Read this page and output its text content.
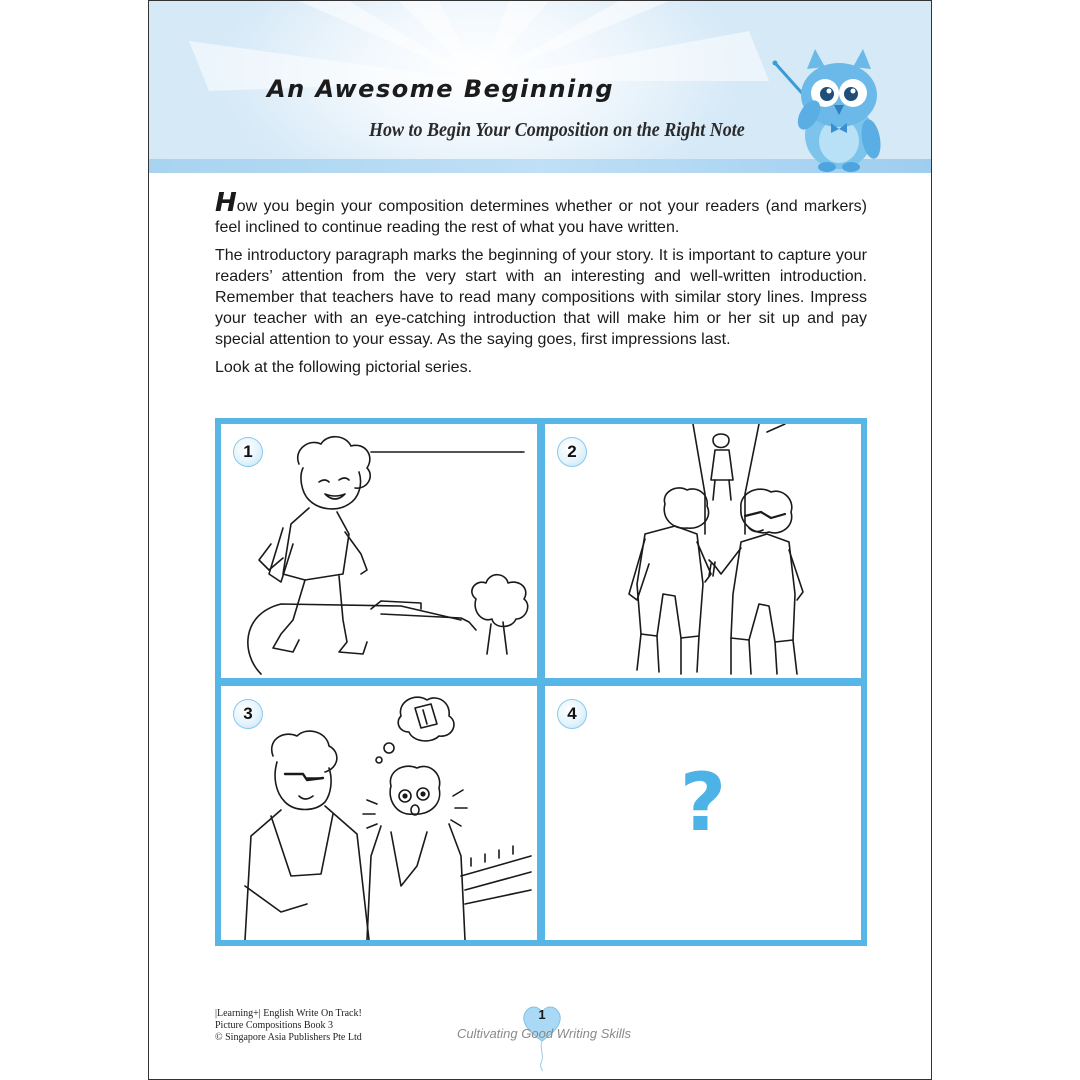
An Awesome Beginning
How to Begin Your Composition on the Right Note

How you begin your composition determines whether or not your readers (and markers) feel inclined to continue reading the rest of what you have written.

The introductory paragraph marks the beginning of your story. It is important to capture your readers’ attention from the very start with an interesting and well-written introduction. Remember that teachers have to read many compositions with similar story lines. Impress your teacher with an eye-catching introduction that will make him or her sit up and pay special attention to your essay. As the saying goes, first impressions last.

Look at the following pictorial series.

1	2
3	4
?
|Learning+| English Write On Track!
Picture Compositions Book 3
© Singapore Asia Publishers Pte Ltd
1
Cultivating Good Writing Skills
